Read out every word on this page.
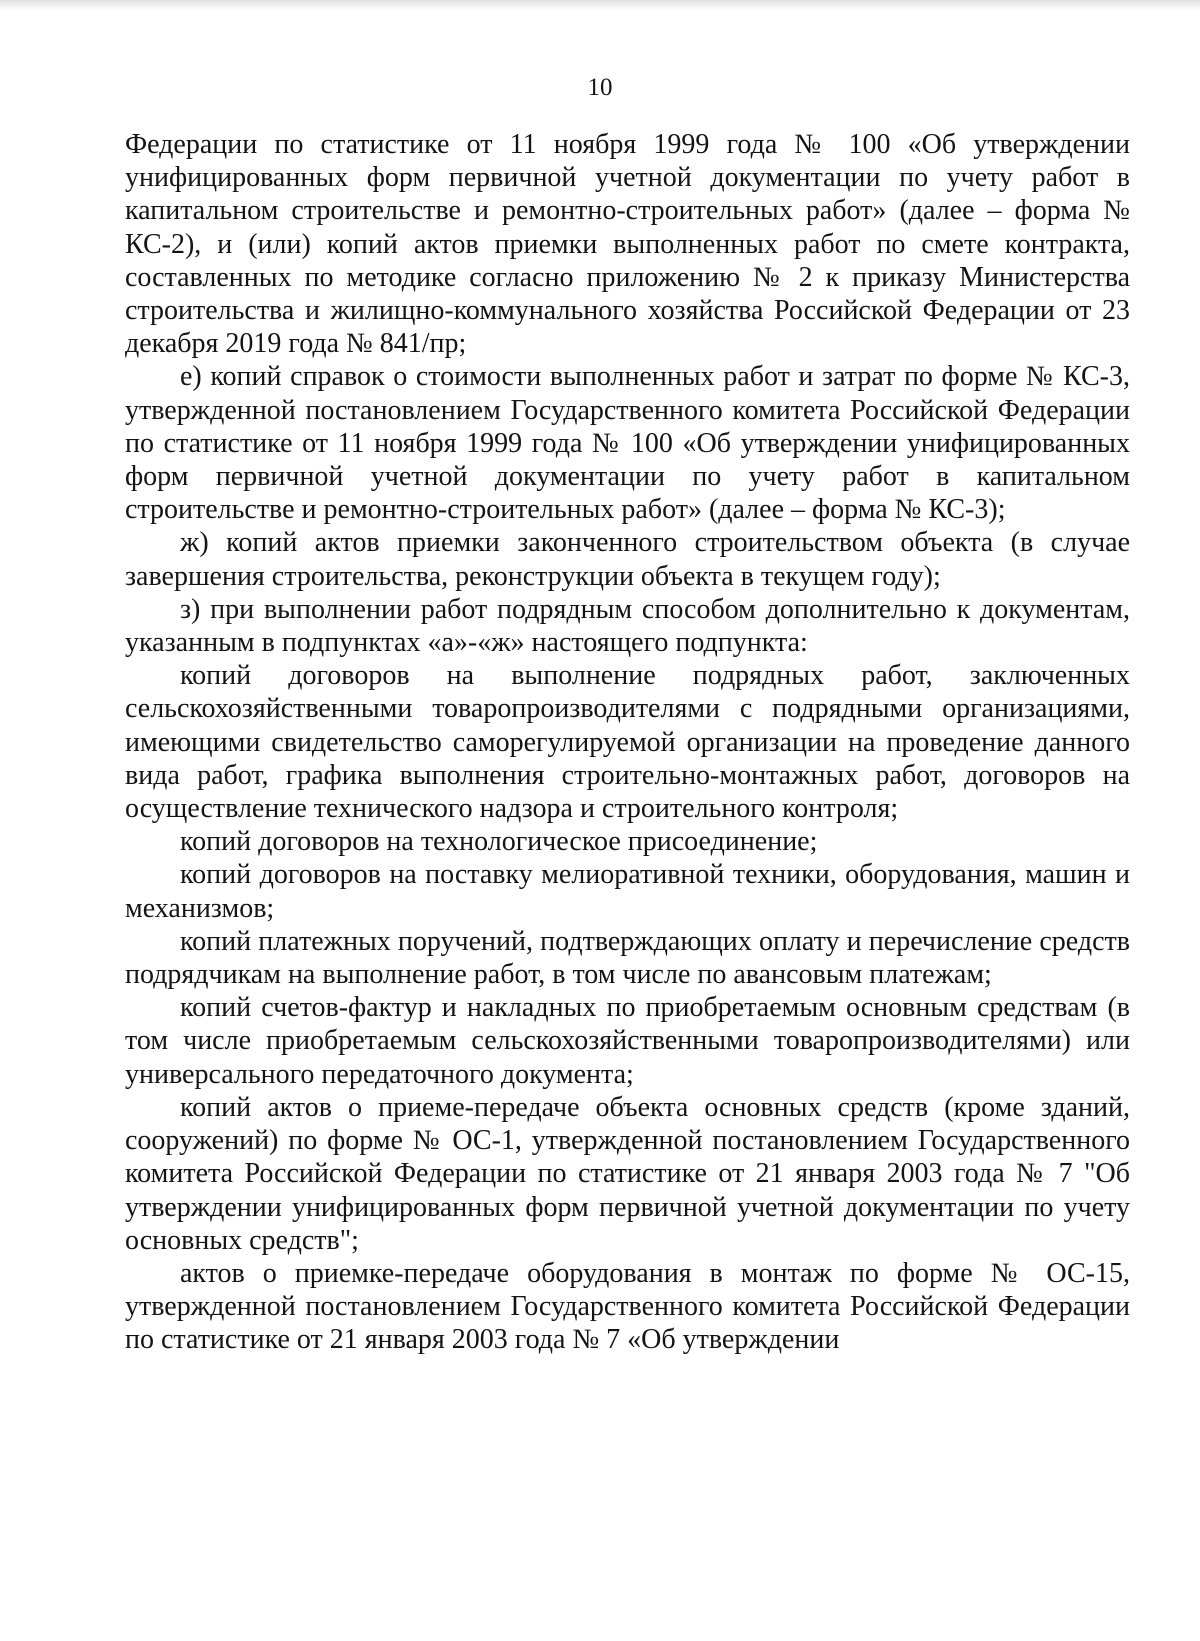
10

Федерации по статистике от 11 ноября 1999 года № 100 «Об утверждении унифицированных форм первичной учетной документации по учету работ в капитальном строительстве и ремонтно-строительных работ» (далее – форма № КС-2), и (или) копий актов приемки выполненных работ по смете контракта, составленных по методике согласно приложению № 2 к приказу Министерства строительства и жилищно-коммунального хозяйства Российской Федерации от 23 декабря 2019 года № 841/пр;

е) копий справок о стоимости выполненных работ и затрат по форме № КС-3, утвержденной постановлением Государственного комитета Российской Федерации по статистике от 11 ноября 1999 года № 100 «Об утверждении унифицированных форм первичной учетной документации по учету работ в капитальном строительстве и ремонтно-строительных работ» (далее – форма № КС-3);

ж) копий актов приемки законченного строительством объекта (в случае завершения строительства, реконструкции объекта в текущем году);

з) при выполнении работ подрядным способом дополнительно к документам, указанным в подпунктах «а»-«ж» настоящего подпункта:

копий договоров на выполнение подрядных работ, заключенных сельскохозяйственными товаропроизводителями с подрядными организациями, имеющими свидетельство саморегулируемой организации на проведение данного вида работ, графика выполнения строительно-монтажных работ, договоров на осуществление технического надзора и строительного контроля;

копий договоров на технологическое присоединение;

копий договоров на поставку мелиоративной техники, оборудования, машин и механизмов;

копий платежных поручений, подтверждающих оплату и перечисление средств подрядчикам на выполнение работ, в том числе по авансовым платежам;

копий счетов-фактур и накладных по приобретаемым основным средствам (в том числе приобретаемым сельскохозяйственными товаропроизводителями) или универсального передаточного документа;

копий актов о приеме-передаче объекта основных средств (кроме зданий, сооружений) по форме № ОС-1, утвержденной постановлением Государственного комитета Российской Федерации по статистике от 21 января 2003 года № 7 "Об утверждении унифицированных форм первичной учетной документации по учету основных средств";

актов о приемке-передаче оборудования в монтаж по форме № ОС-15, утвержденной постановлением Государственного комитета Российской Федерации по статистике от 21 января 2003 года № 7 «Об утверждении
